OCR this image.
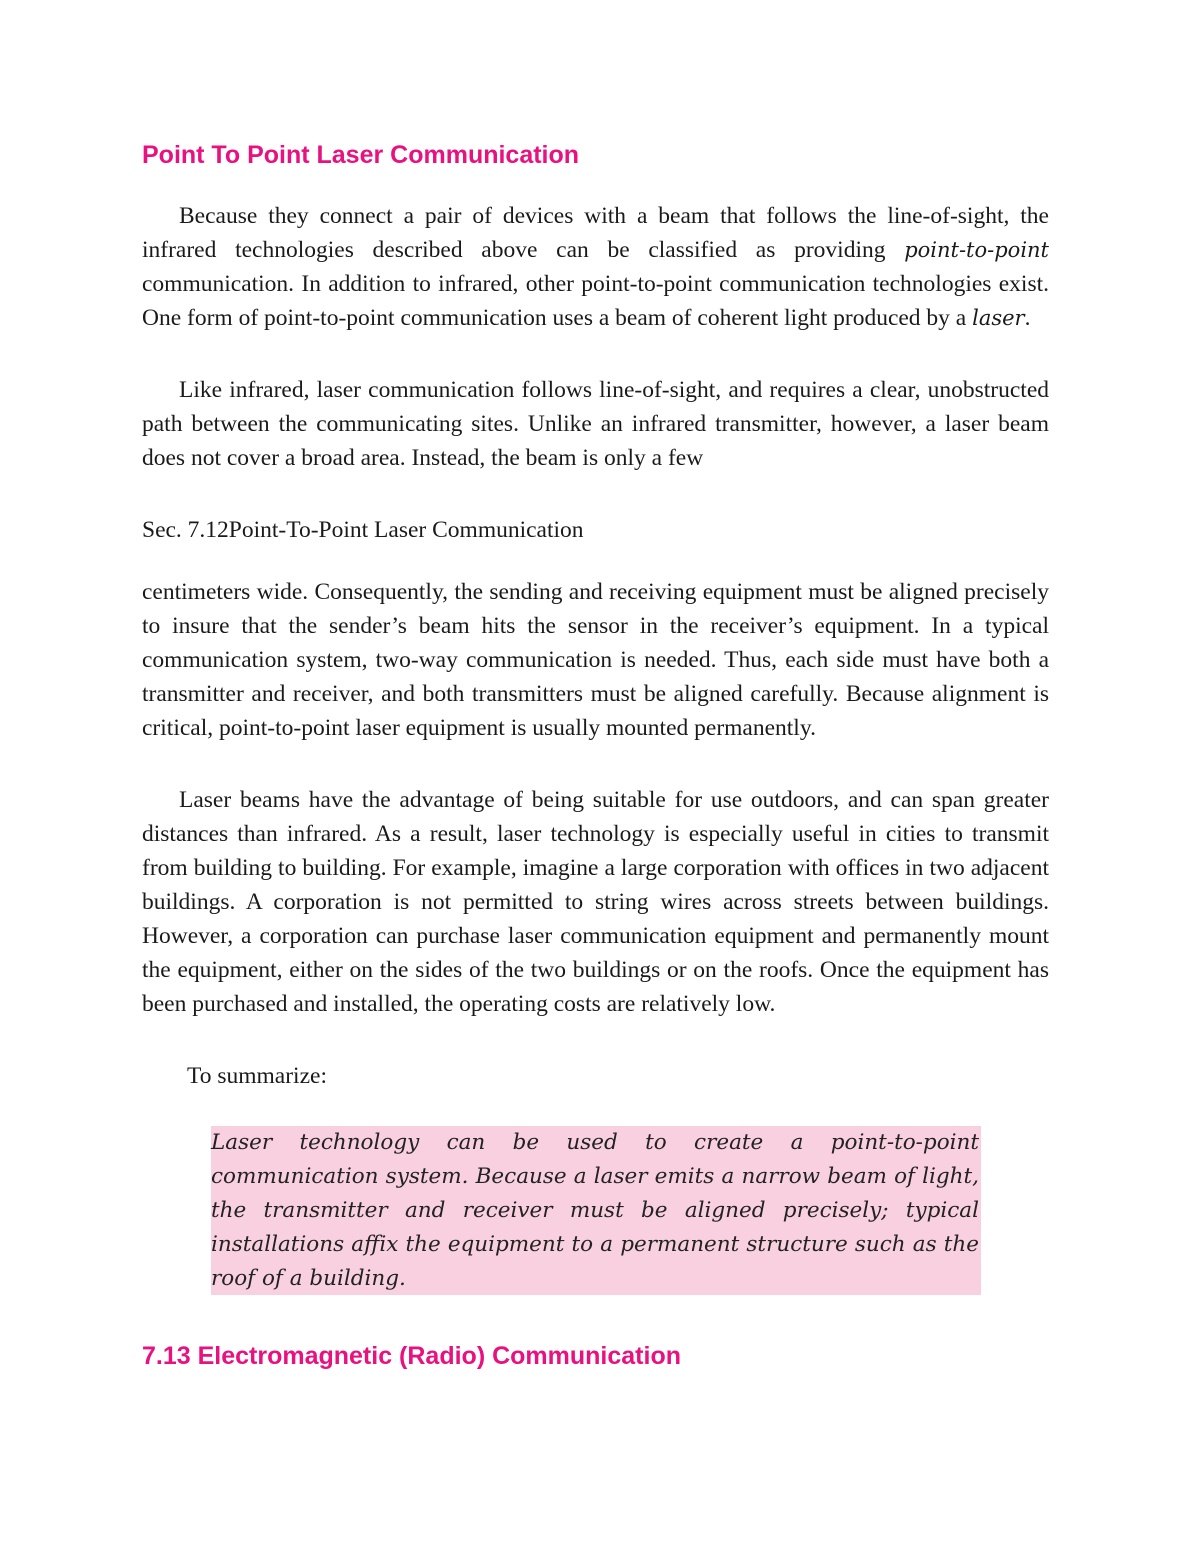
Point To Point Laser Communication

Because they connect a pair of devices with a beam that follows the line-of-sight, the infrared technologies described above can be classified as providing point-to-point communication. In addition to infrared, other point-to-point communication technologies exist. One form of point-to-point communication uses a beam of coherent light produced by a laser.

Like infrared, laser communication follows line-of-sight, and requires a clear, unobstructed path between the communicating sites. Unlike an infrared transmitter, however, a laser beam does not cover a broad area. Instead, the beam is only a few

Sec. 7.12Point-To-Point Laser Communication

centimeters wide. Consequently, the sending and receiving equipment must be aligned precisely to insure that the sender’s beam hits the sensor in the receiver’s equipment. In a typical communication system, two-way communication is needed. Thus, each side must have both a transmitter and receiver, and both transmitters must be aligned carefully. Because alignment is critical, point-to-point laser equipment is usually mounted permanently.

Laser beams have the advantage of being suitable for use outdoors, and can span greater distances than infrared. As a result, laser technology is especially useful in cities to transmit from building to building. For example, imagine a large corporation with offices in two adjacent buildings. A corporation is not permitted to string wires across streets between buildings. However, a corporation can purchase laser communication equipment and permanently mount the equipment, either on the sides of the two buildings or on the roofs. Once the equipment has been purchased and installed, the operating costs are relatively low.

To summarize:

Laser technology can be used to create a point-to-point communication system. Because a laser emits a narrow beam of light, the transmitter and receiver must be aligned precisely; typical installations affix the equipment to a permanent structure such as the roof of a building.

7.13 Electromagnetic (Radio) Communication
